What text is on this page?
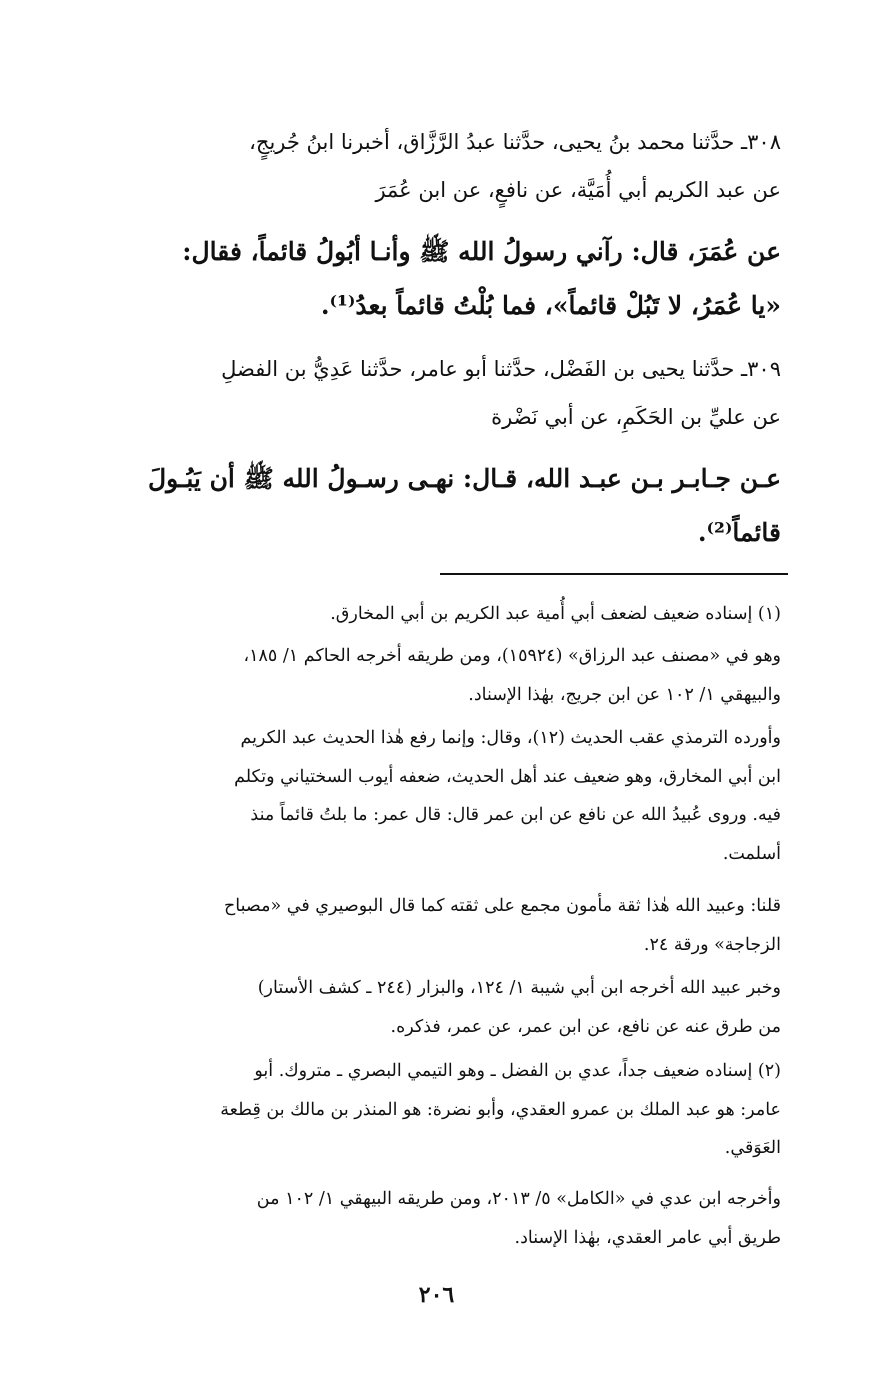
٣٠٨ـ حدَّثنا محمد بنُ يحيى، حدَّثنا عبدُ الرَّزَّاق، أخبرنا ابنُ جُريجٍ،
عن عبد الكريم أبي أُمَيَّة، عن نافعٍ، عن ابن عُمَرَ
عن عُمَرَ، قال: رآني رسولُ الله ﷺ وأنـا أبُولُ قائماً، فقال:
«يا عُمَرُ، لا تَبُلْ قائماً»، فما بُلْتُ قائماً بعدُ⁽¹⁾.
٣٠٩ـ حدَّثنا يحيى بن الفَضْل، حدَّثنا أبو عامر، حدَّثنا عَدِيُّ بن الفضلِ
عن عليِّ بن الحَكَمِ، عن أبي نَضْرة
عـن جـابـر بـن عبـد الله، قـال: نهـى رسـولُ الله ﷺ أن يَبُـولَ
قائماً⁽²⁾.
(١) إسناده ضعيف لضعف أبي أُمية عبد الكريم بن أبي المخارق.
وهو في «مصنف عبد الرزاق» (١٥٩٢٤)، ومن طريقه أخرجه الحاكم ١/ ١٨٥،
والبيهقي ١/ ١٠٢ عن ابن جريج، بهٰذا الإسناد.
وأورده الترمذي عقب الحديث (١٢)، وقال: وإنما رفع هٰذا الحديث عبد الكريم
ابن أبي المخارق، وهو ضعيف عند أهل الحديث، ضعفه أيوب السختياني وتكلم
فيه. وروى عُبيدُ الله عن نافع عن ابن عمر قال: قال عمر: ما بلتُ قائماً منذ
أسلمت.
قلنا: وعبيد الله هٰذا ثقة مأمون مجمع على ثقته كما قال البوصيري في «مصباح
الزجاجة» ورقة ٢٤.
وخبر عبيد الله أخرجه ابن أبي شيبة ١/ ١٢٤، والبزار (٢٤٤ ـ كشف الأستار)
من طرق عنه عن نافع، عن ابن عمر، عن عمر، فذكره.
(٢) إسناده ضعيف جداً، عدي بن الفضل ـ وهو التيمي البصري ـ متروك. أبو
عامر: هو عبد الملك بن عمرو العقدي، وأبو نضرة: هو المنذر بن مالك بن قِطعة
العَوَقي.
وأخرجه ابن عدي في «الكامل» ٥/ ٢٠١٣، ومن طريقه البيهقي ١/ ١٠٢ من
طريق أبي عامر العقدي، بهٰذا الإسناد.
٢٠٦
